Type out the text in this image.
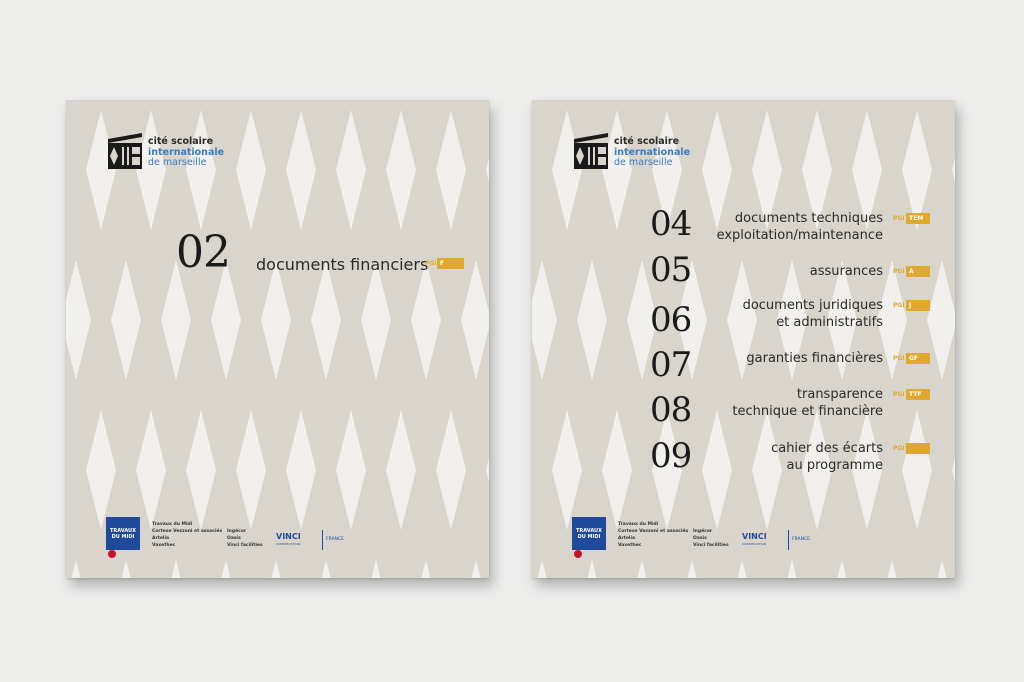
cité scolaire
internationale
de marseille
02 documents financiers
PGI F
TRAVAUX DU MIDI
Travaux du Midi
Cortese Vezzoni et associés
Artelia
Vaxethec
Ingécor
Oasis
Vinci facilities
VINCI
CONSTRUCTION
FRANCE
cité scolaire
internationale
de marseille
04	documents techniques
exploitation/maintenance
PGI TEM
05	assurances PGI A
06	documents juridiques
et administratifs
PGI J
07	garanties financières PGI GF
08	transparence
technique et financière
PGI TTF
09	cahier des écarts
au programme
PGI
TRAVAUX DU MIDI
Travaux du Midi
Cortese Vezzoni et associés
Artelia
Vaxethec
Ingécor
Oasis
Vinci facilities
VINCI
CONSTRUCTION
FRANCE
